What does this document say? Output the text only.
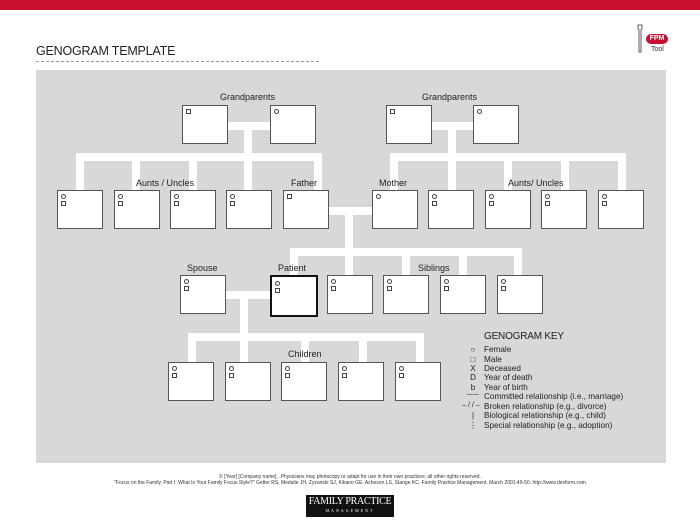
GENOGRAM TEMPLATE
FPM
Tool
Grandparents	Grandparents
Aunts / Uncles	Father	Mother	Aunts/ Uncles
Spouse	Patient	Siblings
Children
GENOGRAM KEY
○	Female
□	Male
X	Deceased
D Year of death
b	Year of birth
—— Committed relationship (i.e., marriage)
– / / – Broken relationship (e.g., divorce)
|	Biological relationship (e.g., child)
⋮ Special relationship (e.g., adoption)
© [Year] [Company name].. Physicians may photocopy or adapt for use in their own practices; all other rights reserved.
"Focus on the Family, Part I: What Is Your Family Focus Style?" Getter RS, Medalie JH, Zyzanski SJ, Kikano GE, Acheson LS, Stange KC. Family Practice Management. March 2001:49-50. http://www.dexform.com
FAMILY PRACTICE
MANAGEMENT
